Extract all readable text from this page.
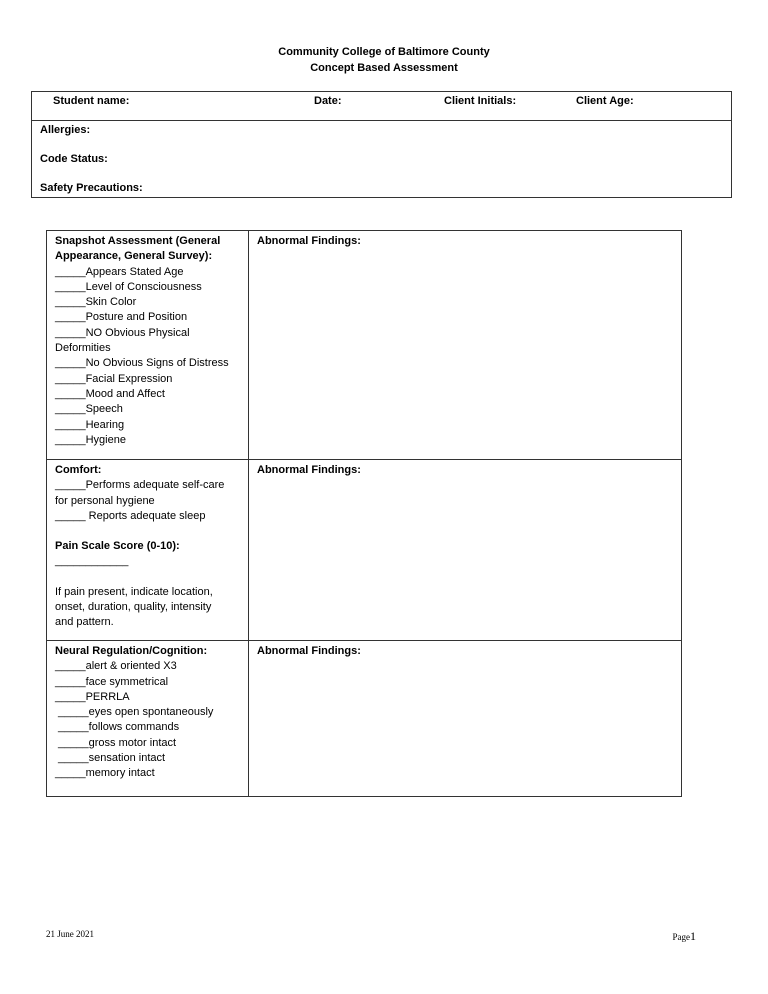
Community College of Baltimore County
Concept Based Assessment
Student name:	Date:	Client Initials:	Client Age:
Allergies:
Code Status:
Safety Precautions:
Snapshot Assessment (General
Appearance, General Survey):
_____Appears Stated Age
_____Level of Consciousness
_____Skin Color
_____Posture and Position
_____NO Obvious Physical
Deformities
_____No Obvious Signs of Distress
_____Facial Expression
_____Mood and Affect
_____Speech
_____Hearing
_____Hygiene
Abnormal Findings:
Comfort:
_____Performs adequate self-care
for personal hygiene
_____ Reports adequate sleep
Pain Scale Score (0-10):
____________
If pain present, indicate location,
onset, duration, quality, intensity
and pattern.
Abnormal Findings:
Neural Regulation/Cognition:
_____alert & oriented X3
_____face symmetrical
_____PERRLA
_____eyes open spontaneously
_____follows commands
_____gross motor intact
_____sensation intact
_____memory intact
Abnormal Findings:
21 June 2021	Page1
